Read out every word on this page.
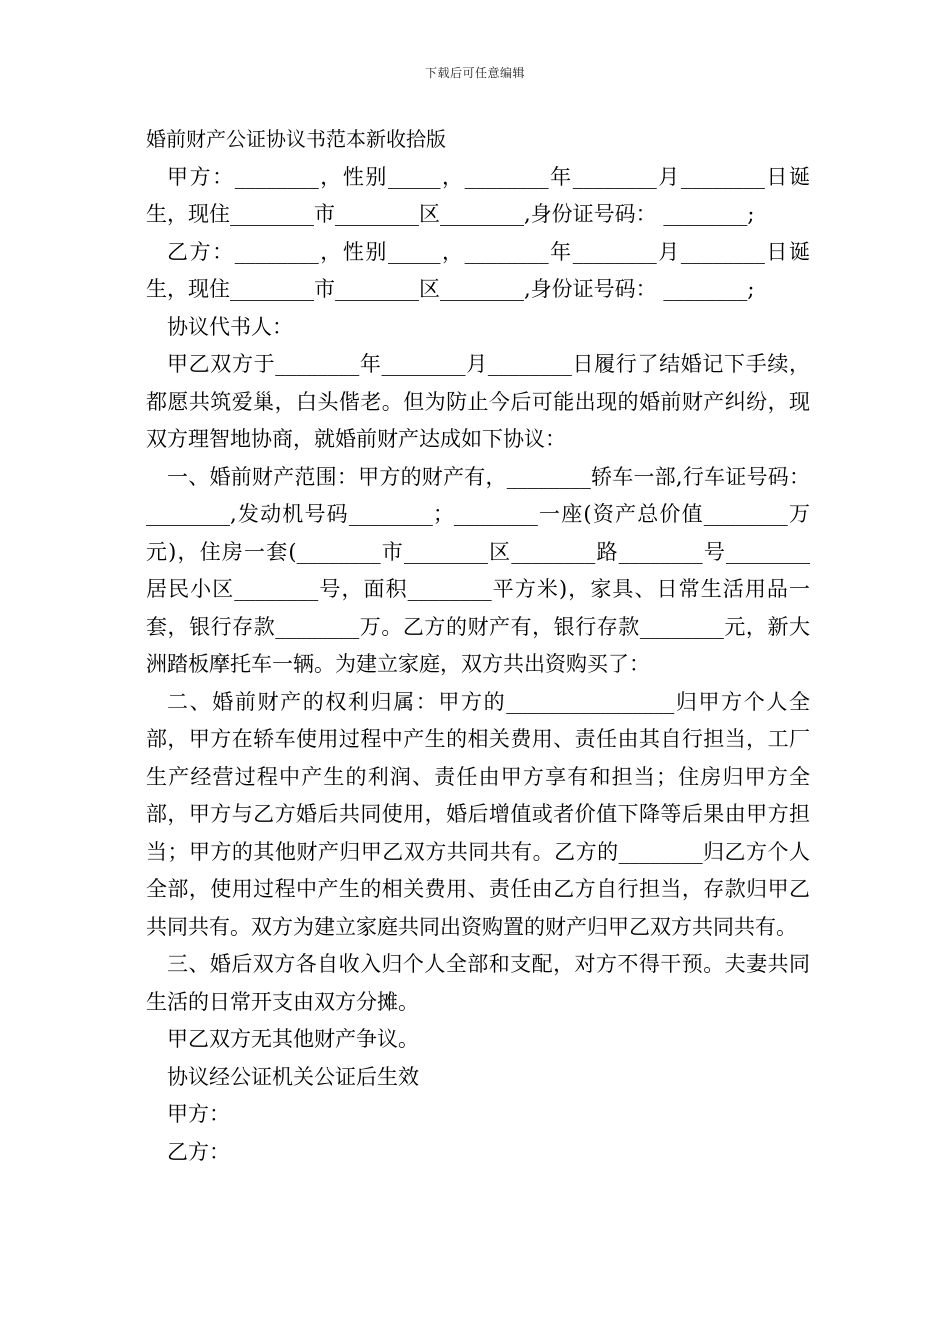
下载后可任意编辑

婚前财产公证协议书范本新收拾版

甲方：________，性别_____，________年________月________日诞生，现住________市________区________,身份证号码： ________;

乙方：________，性别_____，________年________月________日诞生，现住________市________区________,身份证号码： ________;

协议代书人：

甲乙双方于________年________月________日履行了结婚记下手续，都愿共筑爱巢，白头偕老。但为防止今后可能出现的婚前财产纠纷，现双方理智地协商，就婚前财产达成如下协议：

一、婚前财产范围：甲方的财产有，________轿车一部,行车证号码：________,发动机号码________；________一座(资产总价值________万元)，住房一套(________市________区________路________号________居民小区________号，面积________平方米)，家具、日常生活用品一套，银行存款________万。乙方的财产有，银行存款________元，新大洲踏板摩托车一辆。为建立家庭，双方共出资购买了：

二、婚前财产的权利归属：甲方的________________归甲方个人全部，甲方在轿车使用过程中产生的相关费用、责任由其自行担当，工厂生产经营过程中产生的利润、责任由甲方享有和担当；住房归甲方全部，甲方与乙方婚后共同使用，婚后增值或者价值下降等后果由甲方担当；甲方的其他财产归甲乙双方共同共有。乙方的________归乙方个人全部，使用过程中产生的相关费用、责任由乙方自行担当，存款归甲乙共同共有。双方为建立家庭共同出资购置的财产归甲乙双方共同共有。

三、婚后双方各自收入归个人全部和支配，对方不得干预。夫妻共同生活的日常开支由双方分摊。

甲乙双方无其他财产争议。

协议经公证机关公证后生效

甲方：

乙方：
